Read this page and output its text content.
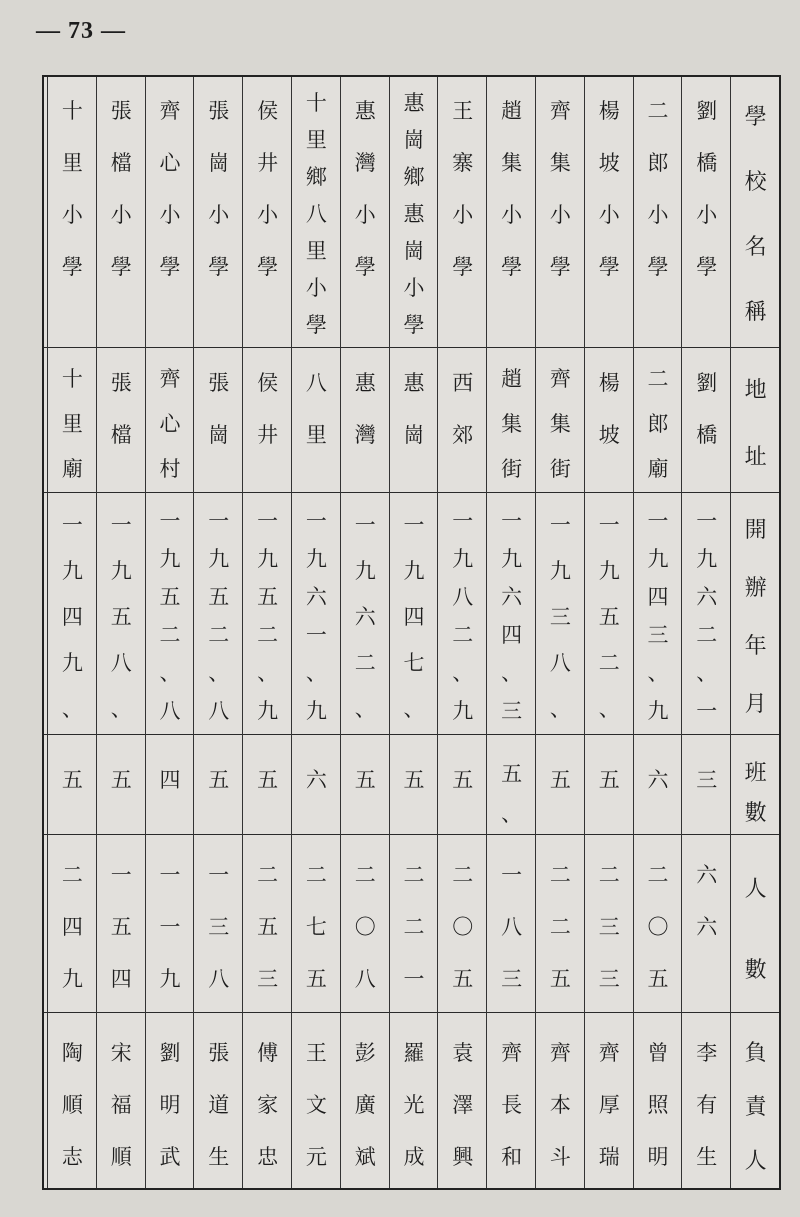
— 73 —
學
校
名
稱
地
址
開
辦
年
月
班
數
人
數
負
責
人
劉
橋
小
學
劉
橋
一
九
六
二
、
一
三
六
六
李
有
生
二
郎
小
學
二
郎
廟
一
九
四
三
、
九
六
二
〇
五
曾
照
明
楊
坡
小
學
楊
坡
一
九
五
二
、
五
二
三
三
齊
厚
瑞
齊
集
小
學
齊
集
街
一
九
三
八
、
五
二
二
五
齊
本
斗
趙
集
小
學
趙
集
街
一
九
六
四
、
三
五
、
一
八
三
齊
長
和
王
寨
小
學
西
郊
一
九
八
二
、
九
五
二
〇
五
袁
澤
興
惠
崗
鄉
惠
崗
小
學
惠
崗
一
九
四
七
、
五
二
二
一
羅
光
成
惠
灣
小
學
惠
灣
一
九
六
二
、
五
二
〇
八
彭
廣
斌
十
里
鄉
八
里
小
學
八
里
一
九
六
一
、
九
六
二
七
五
王
文
元
侯
井
小
學
侯
井
一
九
五
二
、
九
五
二
五
三
傅
家
忠
張
崗
小
學
張
崗
一
九
五
二
、
八
五
一
三
八
張
道
生
齊
心
小
學
齊
心
村
一
九
五
二
、
八
四
一
一
九
劉
明
武
張
檔
小
學
張
檔
一
九
五
八
、
五
一
五
四
宋
福
順
十
里
小
學
十
里
廟
一
九
四
九
、
五
二
四
九
陶
順
志
